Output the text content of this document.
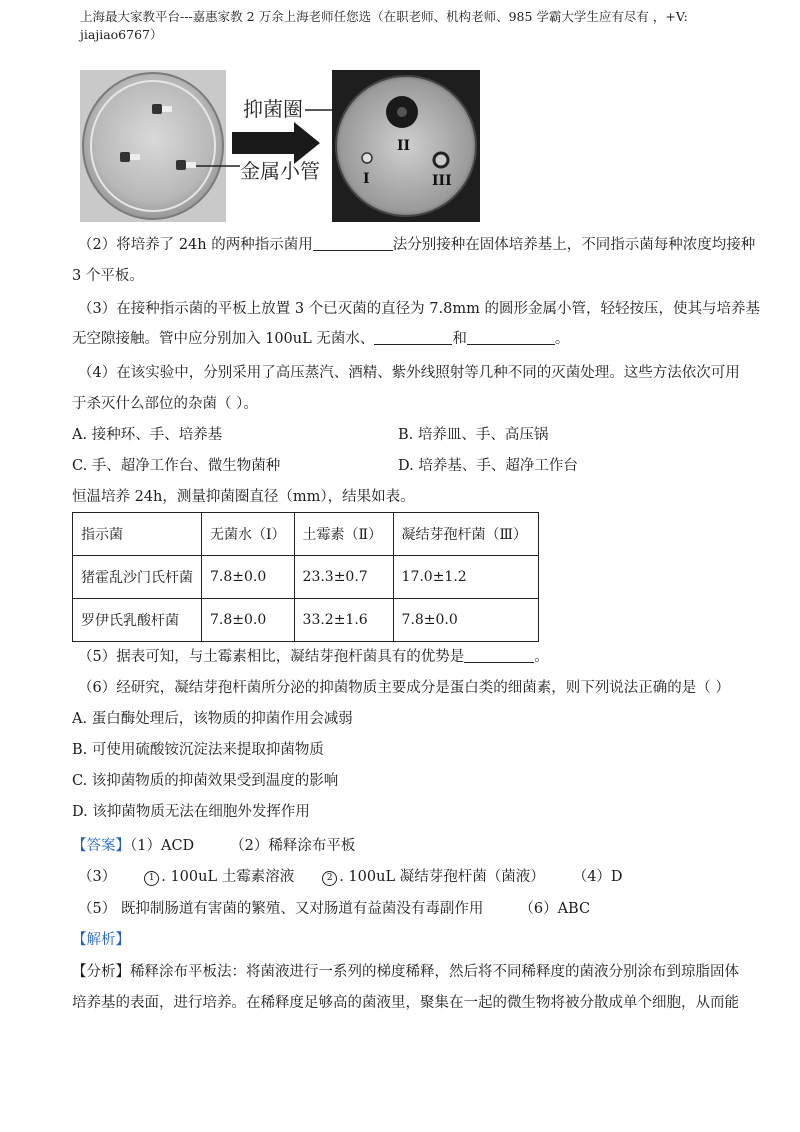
上海最大家教平台---嘉惠家教 2 万余上海老师任您选（在职老师、机构老师、985 学霸大学生应有尽有 ，+V: jiajiao6767）
抑菌圈
金属小管
II
I	III
（2）将培养了 24h 的两种指示菌用	法分别接种在固体培养基上，不同指示菌每种浓度均接种
3 个平板。
（3）在接种指示菌的平板上放置 3 个已灭菌的直径为 7.8mm 的圆形金属小管，轻轻按压，使其与培养基
无空隙接触。管中应分别加入 100uL 无菌水、	和	。
（4）在该实验中，分别采用了高压蒸汽、酒精、紫外线照射等几种不同的灭菌处理。这些方法依次可用
于杀灭什么部位的杂菌（ ）。
A. 接种环、手、培养基	B. 培养皿、手、高压锅
C. 手、超净工作台、微生物菌种	D. 培养基、手、超净工作台
恒温培养 24h，测量抑菌圈直径（mm），结果如表。
指示菌	无菌水（I）	土霉素（Ⅱ）	凝结芽孢杆菌（Ⅲ）
猪霍乱沙门氏杆菌	7.8±0.0	23.3±0.7	17.0±1.2
罗伊氏乳酸杆菌	7.8±0.0	33.2±1.6	7.8±0.0
（5）据表可知，与土霉素相比，凝结芽孢杆菌具有的优势是	。
（6）经研究，凝结芽孢杆菌所分泌的抑菌物质主要成分是蛋白类的细菌素，则下列说法正确的是（ ）
A. 蛋白酶处理后，该物质的抑菌作用会减弱
B. 可使用硫酸铵沉淀法来提取抑菌物质
C. 该抑菌物质的抑菌效果受到温度的影响
D. 该抑菌物质无法在细胞外发挥作用
【答案】（1）ACD （2）稀释涂布平板
（3）	1 . 100uL 土霉素溶液	2 . 100uL 凝结芽孢杆菌（菌液） （4）D
（5） 既抑制肠道有害菌的繁殖、又对肠道有益菌没有毒副作用 （6）ABC
【解析】
【分析】稀释涂布平板法：将菌液进行一系列的梯度稀释，然后将不同稀释度的菌液分别涂布到琼脂固体
培养基的表面，进行培养。在稀释度足够高的菌液里，聚集在一起的微生物将被分散成单个细胞，从而能
